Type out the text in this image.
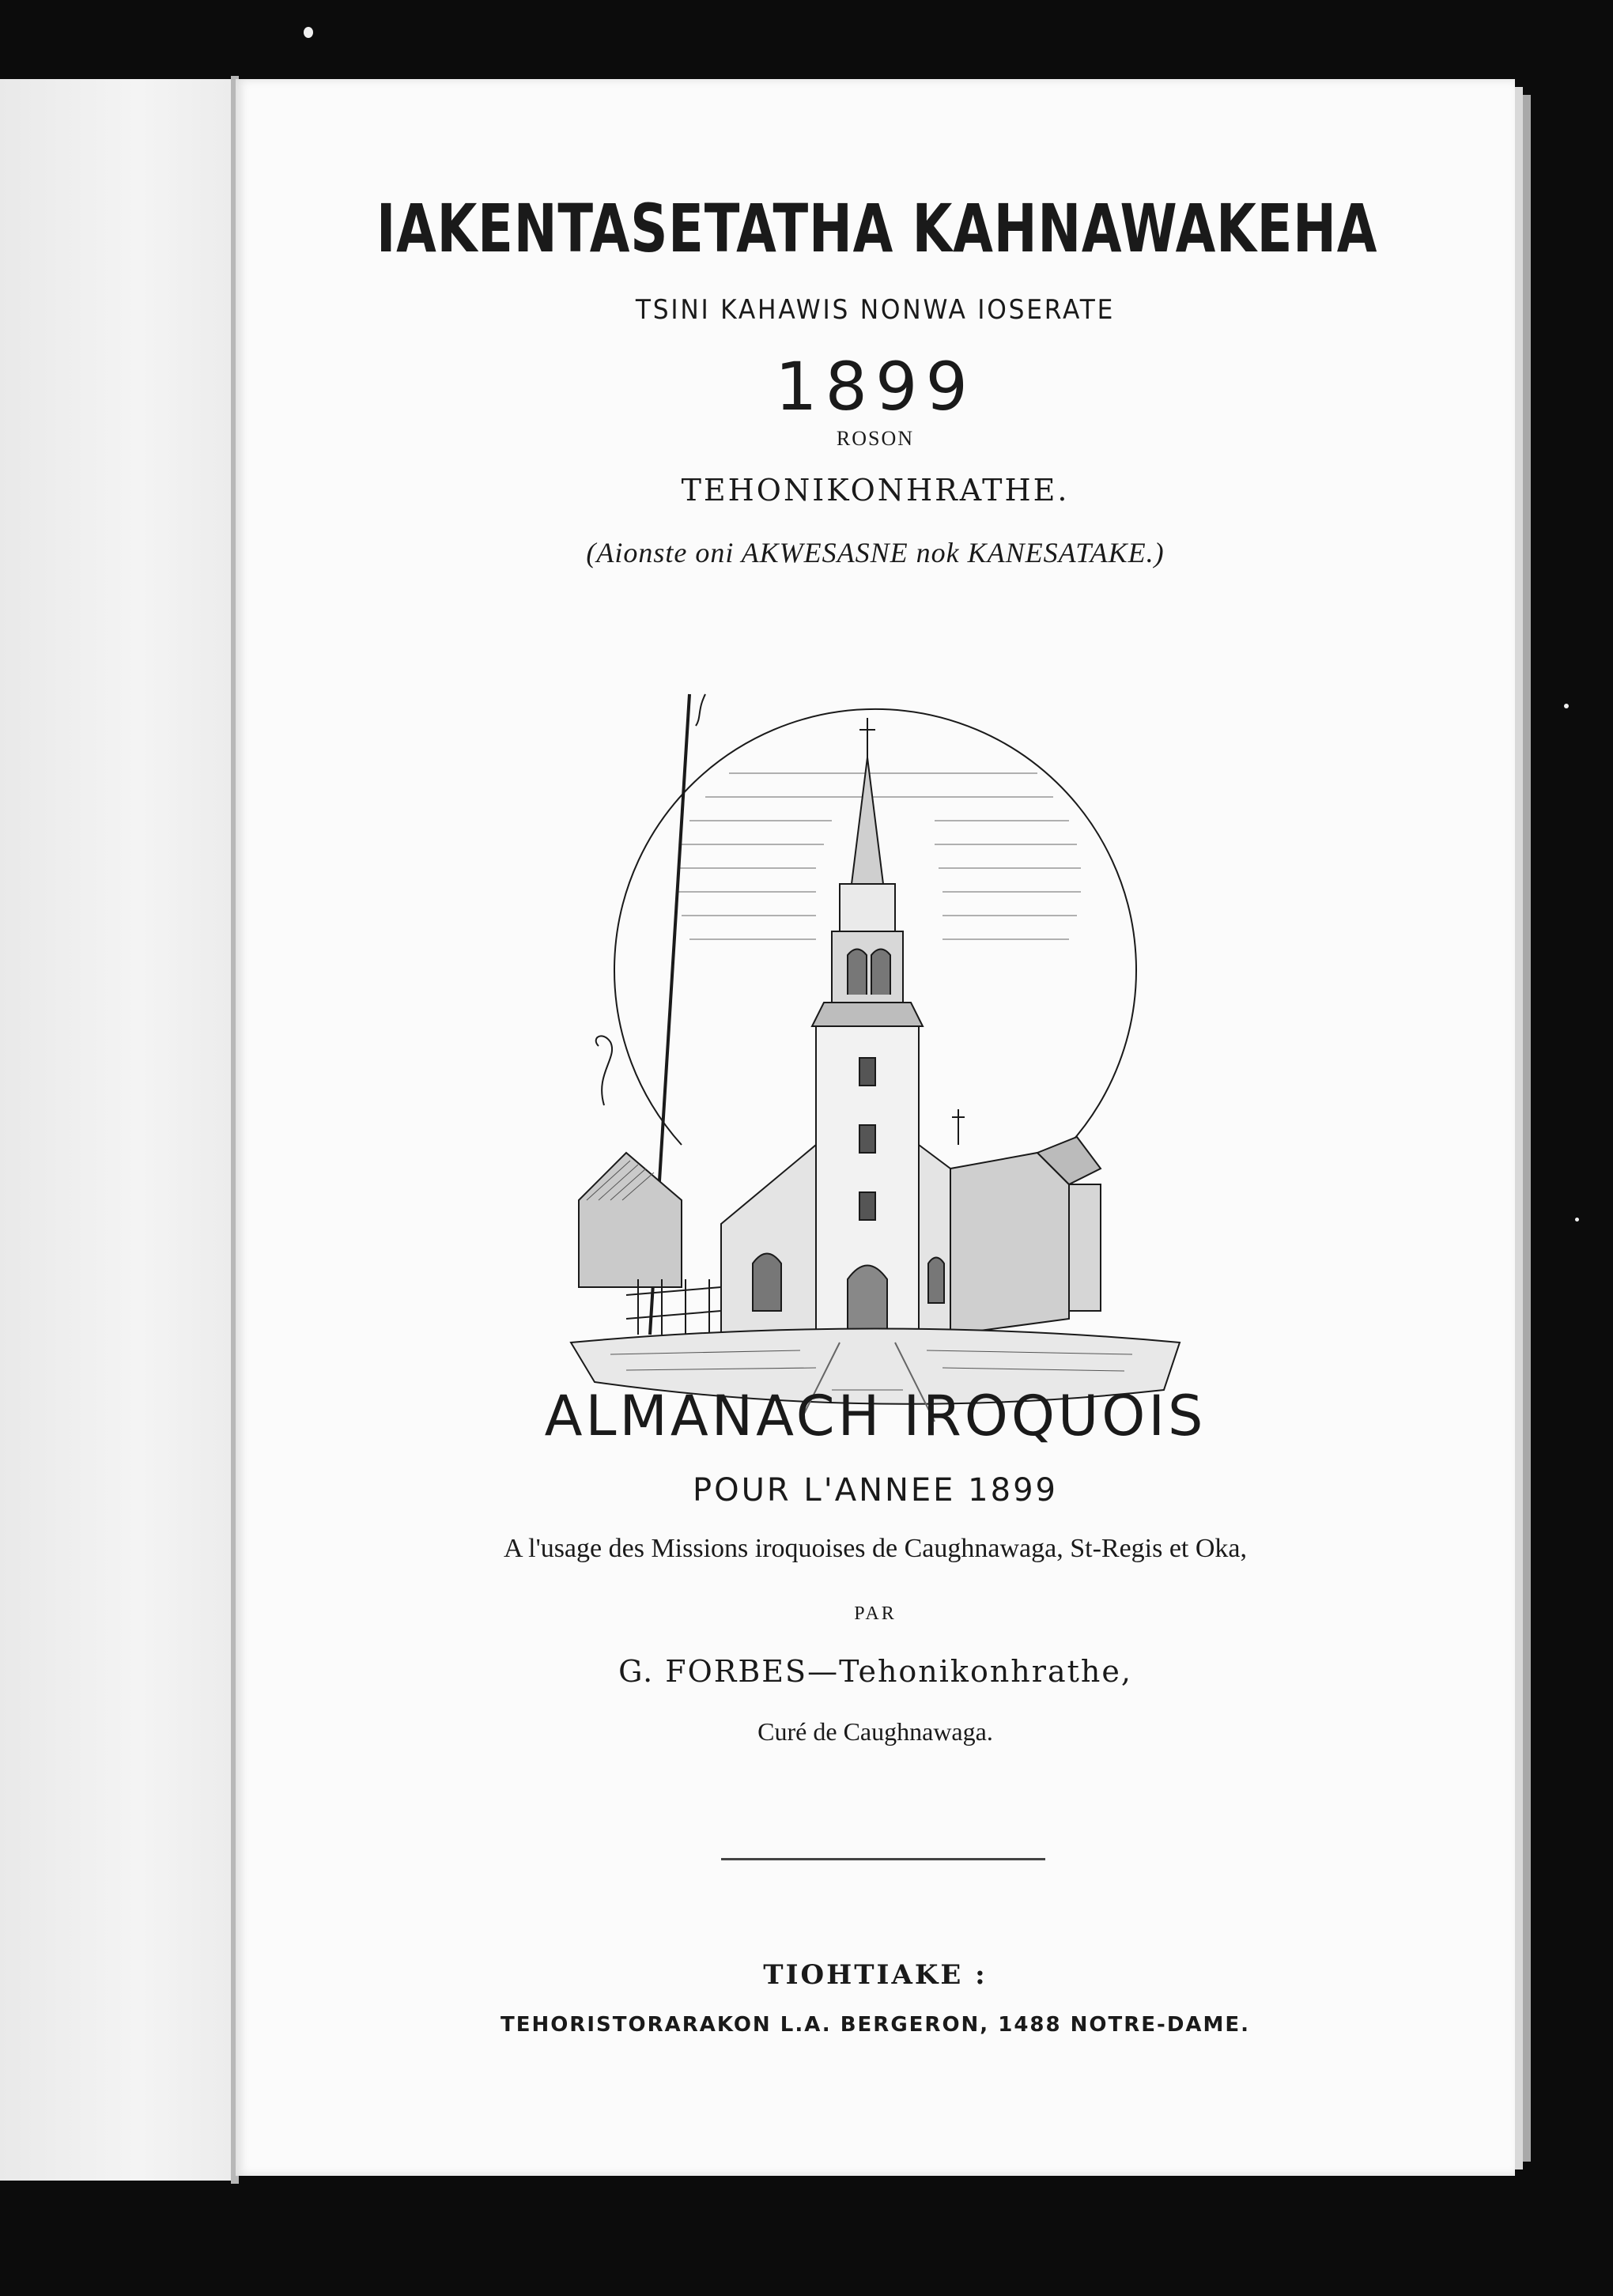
IAKENTASETATHA KAHNAWAKEHA
TSINI KAHAWIS NONWA IOSERATE
1899
ROSON
TEHONIKONHRATHE.
(Aionste oni AKWESASNE nok KANESATAKE.)
ALMANACH IROQUOIS
POUR L'ANNEE 1899
A l'usage des Missions iroquoises de Caughnawaga, St-Regis et Oka,
PAR
G. FORBES—Tehonikonhrathe,
Curé de Caughnawaga.
TIOHTIAKE :
TEHORISTORARAKON L.A. BERGERON, 1488 NOTRE-DAME.
